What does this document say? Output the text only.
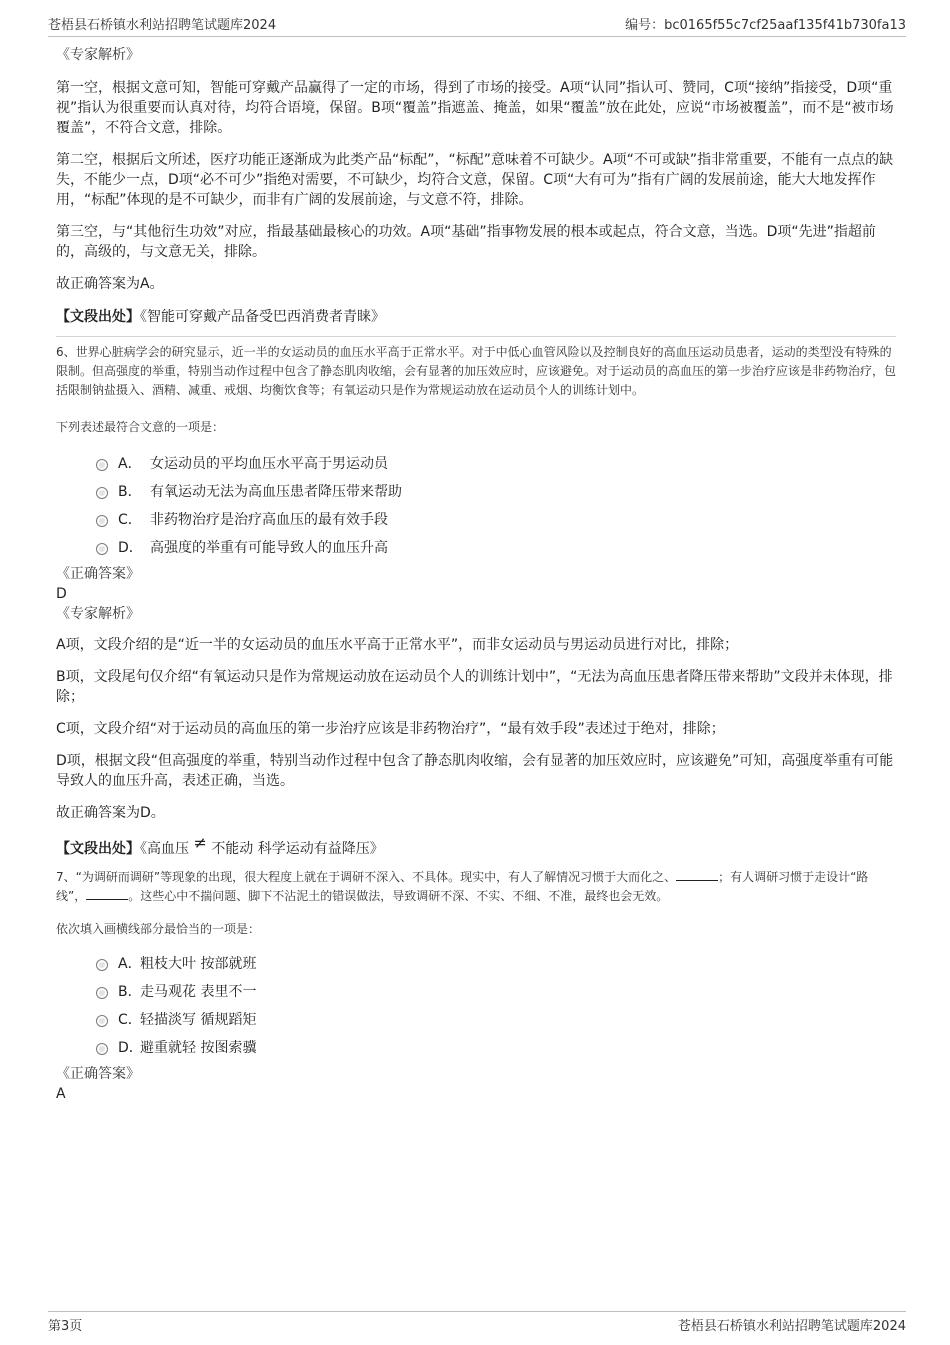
苍梧县石桥镇水利站招聘笔试题库2024	编号：bc0165f55c7cf25aaf135f41b730fa13

《专家解析》

第一空，根据文意可知，智能可穿戴产品赢得了一定的市场，得到了市场的接受。A项“认同”指认可、赞同，C项“接纳”指接受，D项“重视”指认为很重要而认真对待，均符合语境，保留。B项“覆盖”指遮盖、掩盖，如果“覆盖”放在此处，应说“市场被覆盖”，而不是“被市场覆盖”，不符合文意，排除。

第二空，根据后文所述，医疗功能正逐渐成为此类产品“标配”，“标配”意味着不可缺少。A项“不可或缺”指非常重要，不能有一点点的缺失，不能少一点，D项“必不可少”指绝对需要，不可缺少，均符合文意，保留。C项“大有可为”指有广阔的发展前途，能大大地发挥作用，“标配”体现的是不可缺少，而非有广阔的发展前途，与文意不符，排除。

第三空，与“其他衍生功效”对应，指最基础最核心的功效。A项“基础”指事物发展的根本或起点，符合文意，当选。D项“先进”指超前的，高级的，与文意无关，排除。

故正确答案为A。

【文段出处】《智能可穿戴产品备受巴西消费者青睐》

6、世界心脏病学会的研究显示，近一半的女运动员的血压水平高于正常水平。对于中低心血管风险以及控制良好的高血压运动员患者，运动的类型没有特殊的限制。但高强度的举重，特别当动作过程中包含了静态肌肉收缩，会有显著的加压效应时，应该避免。对于运动员的高血压的第一步治疗应该是非药物治疗，包括限制钠盐摄入、酒精、减重、戒烟、均衡饮食等；有氧运动只是作为常规运动放在运动员个人的训练计划中。

下列表述最符合文意的一项是：

A． 女运动员的平均血压水平高于男运动员
B． 有氧运动无法为高血压患者降压带来帮助
C． 非药物治疗是治疗高血压的最有效手段
D． 高强度的举重有可能导致人的血压升高

《正确答案》

D

《专家解析》

A项，文段介绍的是“近一半的女运动员的血压水平高于正常水平”，而非女运动员与男运动员进行对比，排除；

B项，文段尾句仅介绍“有氧运动只是作为常规运动放在运动员个人的训练计划中”，“无法为高血压患者降压带来帮助”文段并未体现，排除；

C项，文段介绍“对于运动员的高血压的第一步治疗应该是非药物治疗”，“最有效手段”表述过于绝对，排除；

D项，根据文段“但高强度的举重，特别当动作过程中包含了静态肌肉收缩，会有显著的加压效应时，应该避免”可知，高强度举重有可能导致人的血压升高，表述正确，当选。

故正确答案为D。

【文段出处】《高血压 ≠ 不能动 科学运动有益降压》

7、“为调研而调研”等现象的出现，很大程度上就在于调研不深入、不具体。现实中，有人了解情况习惯于大而化之、	；有人调研习惯于走设计“路线”，	。这些心中不揣问题、脚下不沾泥土的错误做法，导致调研不深、不实、不细、不准，最终也会无效。

依次填入画横线部分最恰当的一项是：

A．粗枝大叶 按部就班
B．走马观花 表里不一
C．轻描淡写 循规蹈矩
D．避重就轻 按图索骥

《正确答案》

A

第3页	苍梧县石桥镇水利站招聘笔试题库2024
